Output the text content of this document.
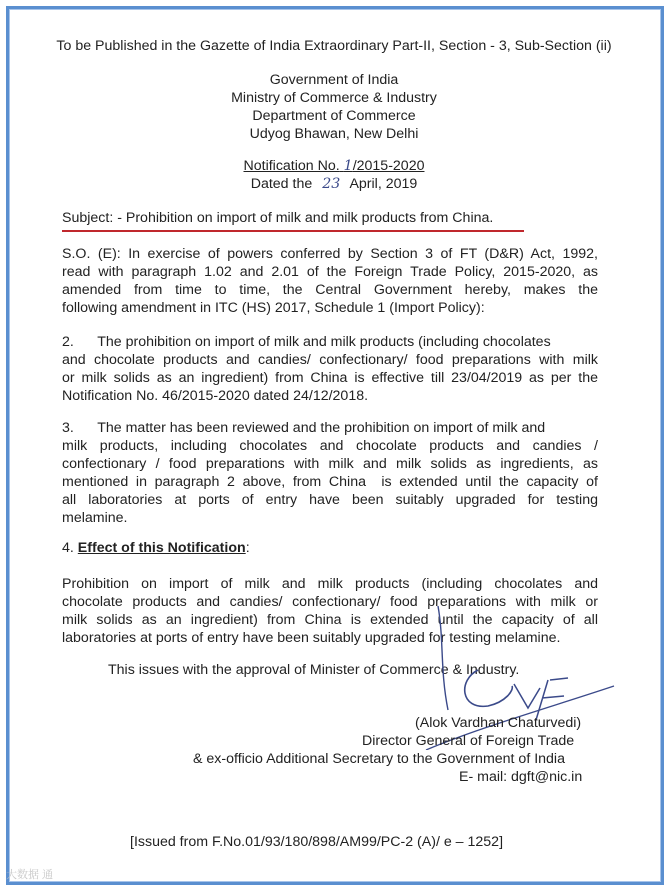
To be Published in the Gazette of India Extraordinary Part-II, Section - 3, Sub-Section (ii)
Government of India
Ministry of Commerce & Industry
Department of Commerce
Udyog Bhawan, New Delhi
Notification No. 1/2015-2020
Dated the 23 April, 2019
Subject: - Prohibition on import of milk and milk products from China.
S.O. (E): In exercise of powers conferred by Section 3 of FT (D&R) Act, 1992,
read with paragraph 1.02 and 2.01 of the Foreign Trade Policy, 2015-2020, as
amended from time to time, the Central Government hereby, makes the
following amendment in ITC (HS) 2017, Schedule 1 (Import Policy):
2.      The prohibition on import of milk and milk products (including chocolates
and chocolate products and candies/ confectionary/ food preparations with milk
or milk solids as an ingredient) from China is effective till 23/04/2019 as per the
Notification No. 46/2015-2020 dated 24/12/2018.
3.      The matter has been reviewed and the prohibition on import of milk and
milk products, including chocolates and chocolate products and candies /
confectionary / food preparations with milk and milk solids as ingredients, as
mentioned in paragraph 2 above, from China  is extended until the capacity of
all laboratories at ports of entry have been suitably upgraded for testing
melamine.
4. Effect of this Notification:
Prohibition on import of milk and milk products (including chocolates and
chocolate products and candies/ confectionary/ food preparations with milk or
milk solids as an ingredient) from China is extended until the capacity of all
laboratories at ports of entry have been suitably upgraded for testing melamine.
This issues with the approval of Minister of Commerce & Industry.
(Alok Vardhan Chaturvedi)
Director General of Foreign Trade
& ex-officio Additional Secretary to the Government of India
E- mail: dgft@nic.in
[Issued from F.No.01/93/180/898/AM99/PC-2 (A)/ e – 1252]
大数据 通
